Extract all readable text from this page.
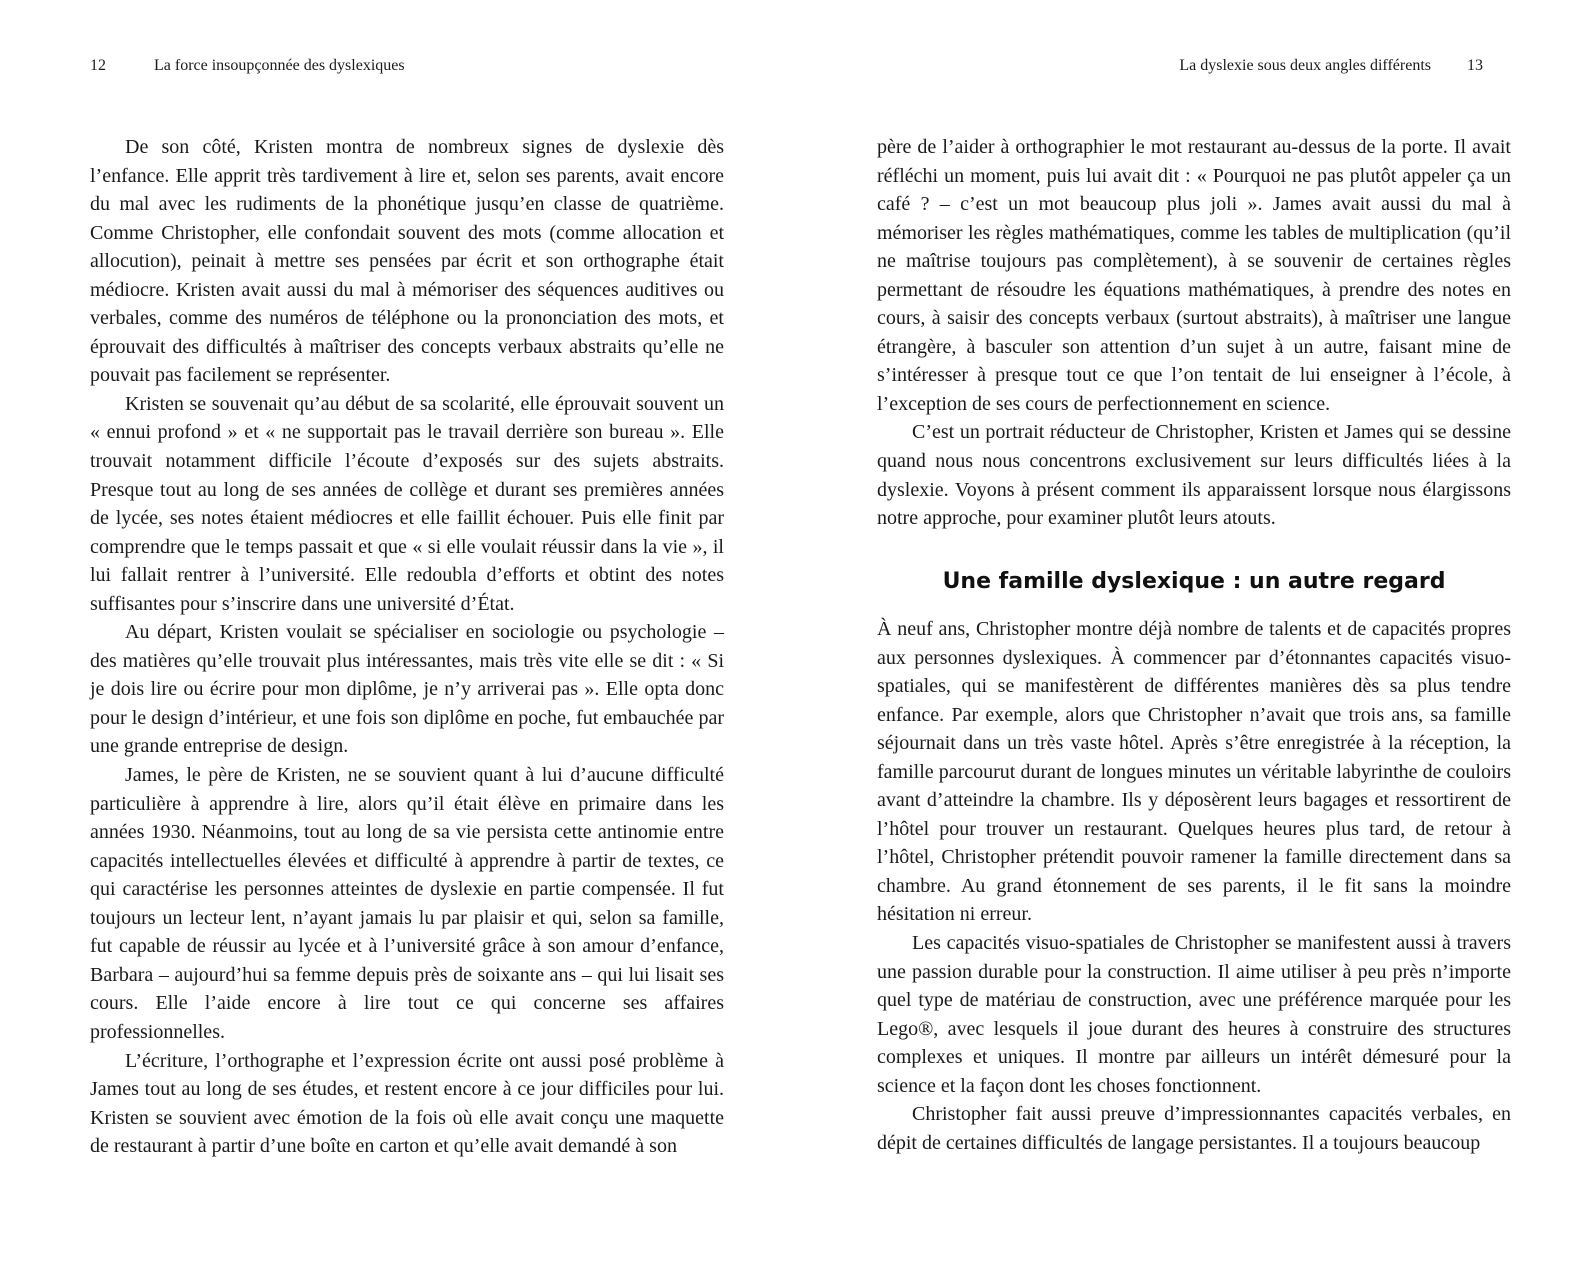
12	La force insoupçonnée des dyslexiques

De son côté, Kristen montra de nombreux signes de dyslexie dès l’enfance. Elle apprit très tardivement à lire et, selon ses parents, avait encore du mal avec les rudiments de la phonétique jusqu’en classe de quatrième. Comme Christopher, elle confondait souvent des mots (comme allocation et allocution), peinait à mettre ses pensées par écrit et son orthographe était médiocre. Kristen avait aussi du mal à mémoriser des séquences auditives ou verbales, comme des numéros de téléphone ou la prononciation des mots, et éprouvait des difficultés à maîtriser des concepts verbaux abstraits qu’elle ne pouvait pas facilement se représenter.

Kristen se souvenait qu’au début de sa scolarité, elle éprouvait souvent un « ennui profond » et « ne supportait pas le travail derrière son bureau ». Elle trouvait notamment difficile l’écoute d’exposés sur des sujets abstraits. Presque tout au long de ses années de collège et durant ses premières années de lycée, ses notes étaient médiocres et elle faillit échouer. Puis elle finit par comprendre que le temps passait et que « si elle voulait réussir dans la vie », il lui fallait rentrer à l’université. Elle redoubla d’efforts et obtint des notes suffisantes pour s’inscrire dans une université d’État.

Au départ, Kristen voulait se spécialiser en sociologie ou psychologie – des matières qu’elle trouvait plus intéressantes, mais très vite elle se dit : « Si je dois lire ou écrire pour mon diplôme, je n’y arriverai pas ». Elle opta donc pour le design d’intérieur, et une fois son diplôme en poche, fut embauchée par une grande entreprise de design.

James, le père de Kristen, ne se souvient quant à lui d’aucune difficulté particulière à apprendre à lire, alors qu’il était élève en primaire dans les années 1930. Néanmoins, tout au long de sa vie persista cette antinomie entre capacités intellectuelles élevées et difficulté à apprendre à partir de textes, ce qui caractérise les personnes atteintes de dyslexie en partie compensée. Il fut toujours un lecteur lent, n’ayant jamais lu par plaisir et qui, selon sa famille, fut capable de réussir au lycée et à l’université grâce à son amour d’enfance, Barbara – aujourd’hui sa femme depuis près de soixante ans – qui lui lisait ses cours. Elle l’aide encore à lire tout ce qui concerne ses affaires professionnelles.

L’écriture, l’orthographe et l’expression écrite ont aussi posé problème à James tout au long de ses études, et restent encore à ce jour difficiles pour lui. Kristen se souvient avec émotion de la fois où elle avait conçu une maquette de restaurant à partir d’une boîte en carton et qu’elle avait demandé à son

La dyslexie sous deux angles différents 13

père de l’aider à orthographier le mot restaurant au-dessus de la porte. Il avait réfléchi un moment, puis lui avait dit : « Pourquoi ne pas plutôt appeler ça un café ? – c’est un mot beaucoup plus joli ». James avait aussi du mal à mémoriser les règles mathématiques, comme les tables de multiplication (qu’il ne maîtrise toujours pas complètement), à se souvenir de certaines règles permettant de résoudre les équations mathématiques, à prendre des notes en cours, à saisir des concepts verbaux (surtout abstraits), à maîtriser une langue étrangère, à basculer son attention d’un sujet à un autre, faisant mine de s’intéresser à presque tout ce que l’on tentait de lui enseigner à l’école, à l’exception de ses cours de perfectionnement en science.

C’est un portrait réducteur de Christopher, Kristen et James qui se dessine quand nous nous concentrons exclusivement sur leurs difficultés liées à la dyslexie. Voyons à présent comment ils apparaissent lorsque nous élargissons notre approche, pour examiner plutôt leurs atouts.

Une famille dyslexique : un autre regard

À neuf ans, Christopher montre déjà nombre de talents et de capacités propres aux personnes dyslexiques. À commencer par d’étonnantes capacités visuo-spatiales, qui se manifestèrent de différentes manières dès sa plus tendre enfance. Par exemple, alors que Christopher n’avait que trois ans, sa famille séjournait dans un très vaste hôtel. Après s’être enregistrée à la réception, la famille parcourut durant de longues minutes un véritable labyrinthe de couloirs avant d’atteindre la chambre. Ils y déposèrent leurs bagages et ressortirent de l’hôtel pour trouver un restaurant. Quelques heures plus tard, de retour à l’hôtel, Christopher prétendit pouvoir ramener la famille directement dans sa chambre. Au grand étonnement de ses parents, il le fit sans la moindre hésitation ni erreur.

Les capacités visuo-spatiales de Christopher se manifestent aussi à travers une passion durable pour la construction. Il aime utiliser à peu près n’importe quel type de matériau de construction, avec une préférence marquée pour les Lego®, avec lesquels il joue durant des heures à construire des structures complexes et uniques. Il montre par ailleurs un intérêt démesuré pour la science et la façon dont les choses fonctionnent.

Christopher fait aussi preuve d’impressionnantes capacités verbales, en dépit de certaines difficultés de langage persistantes. Il a toujours beaucoup
